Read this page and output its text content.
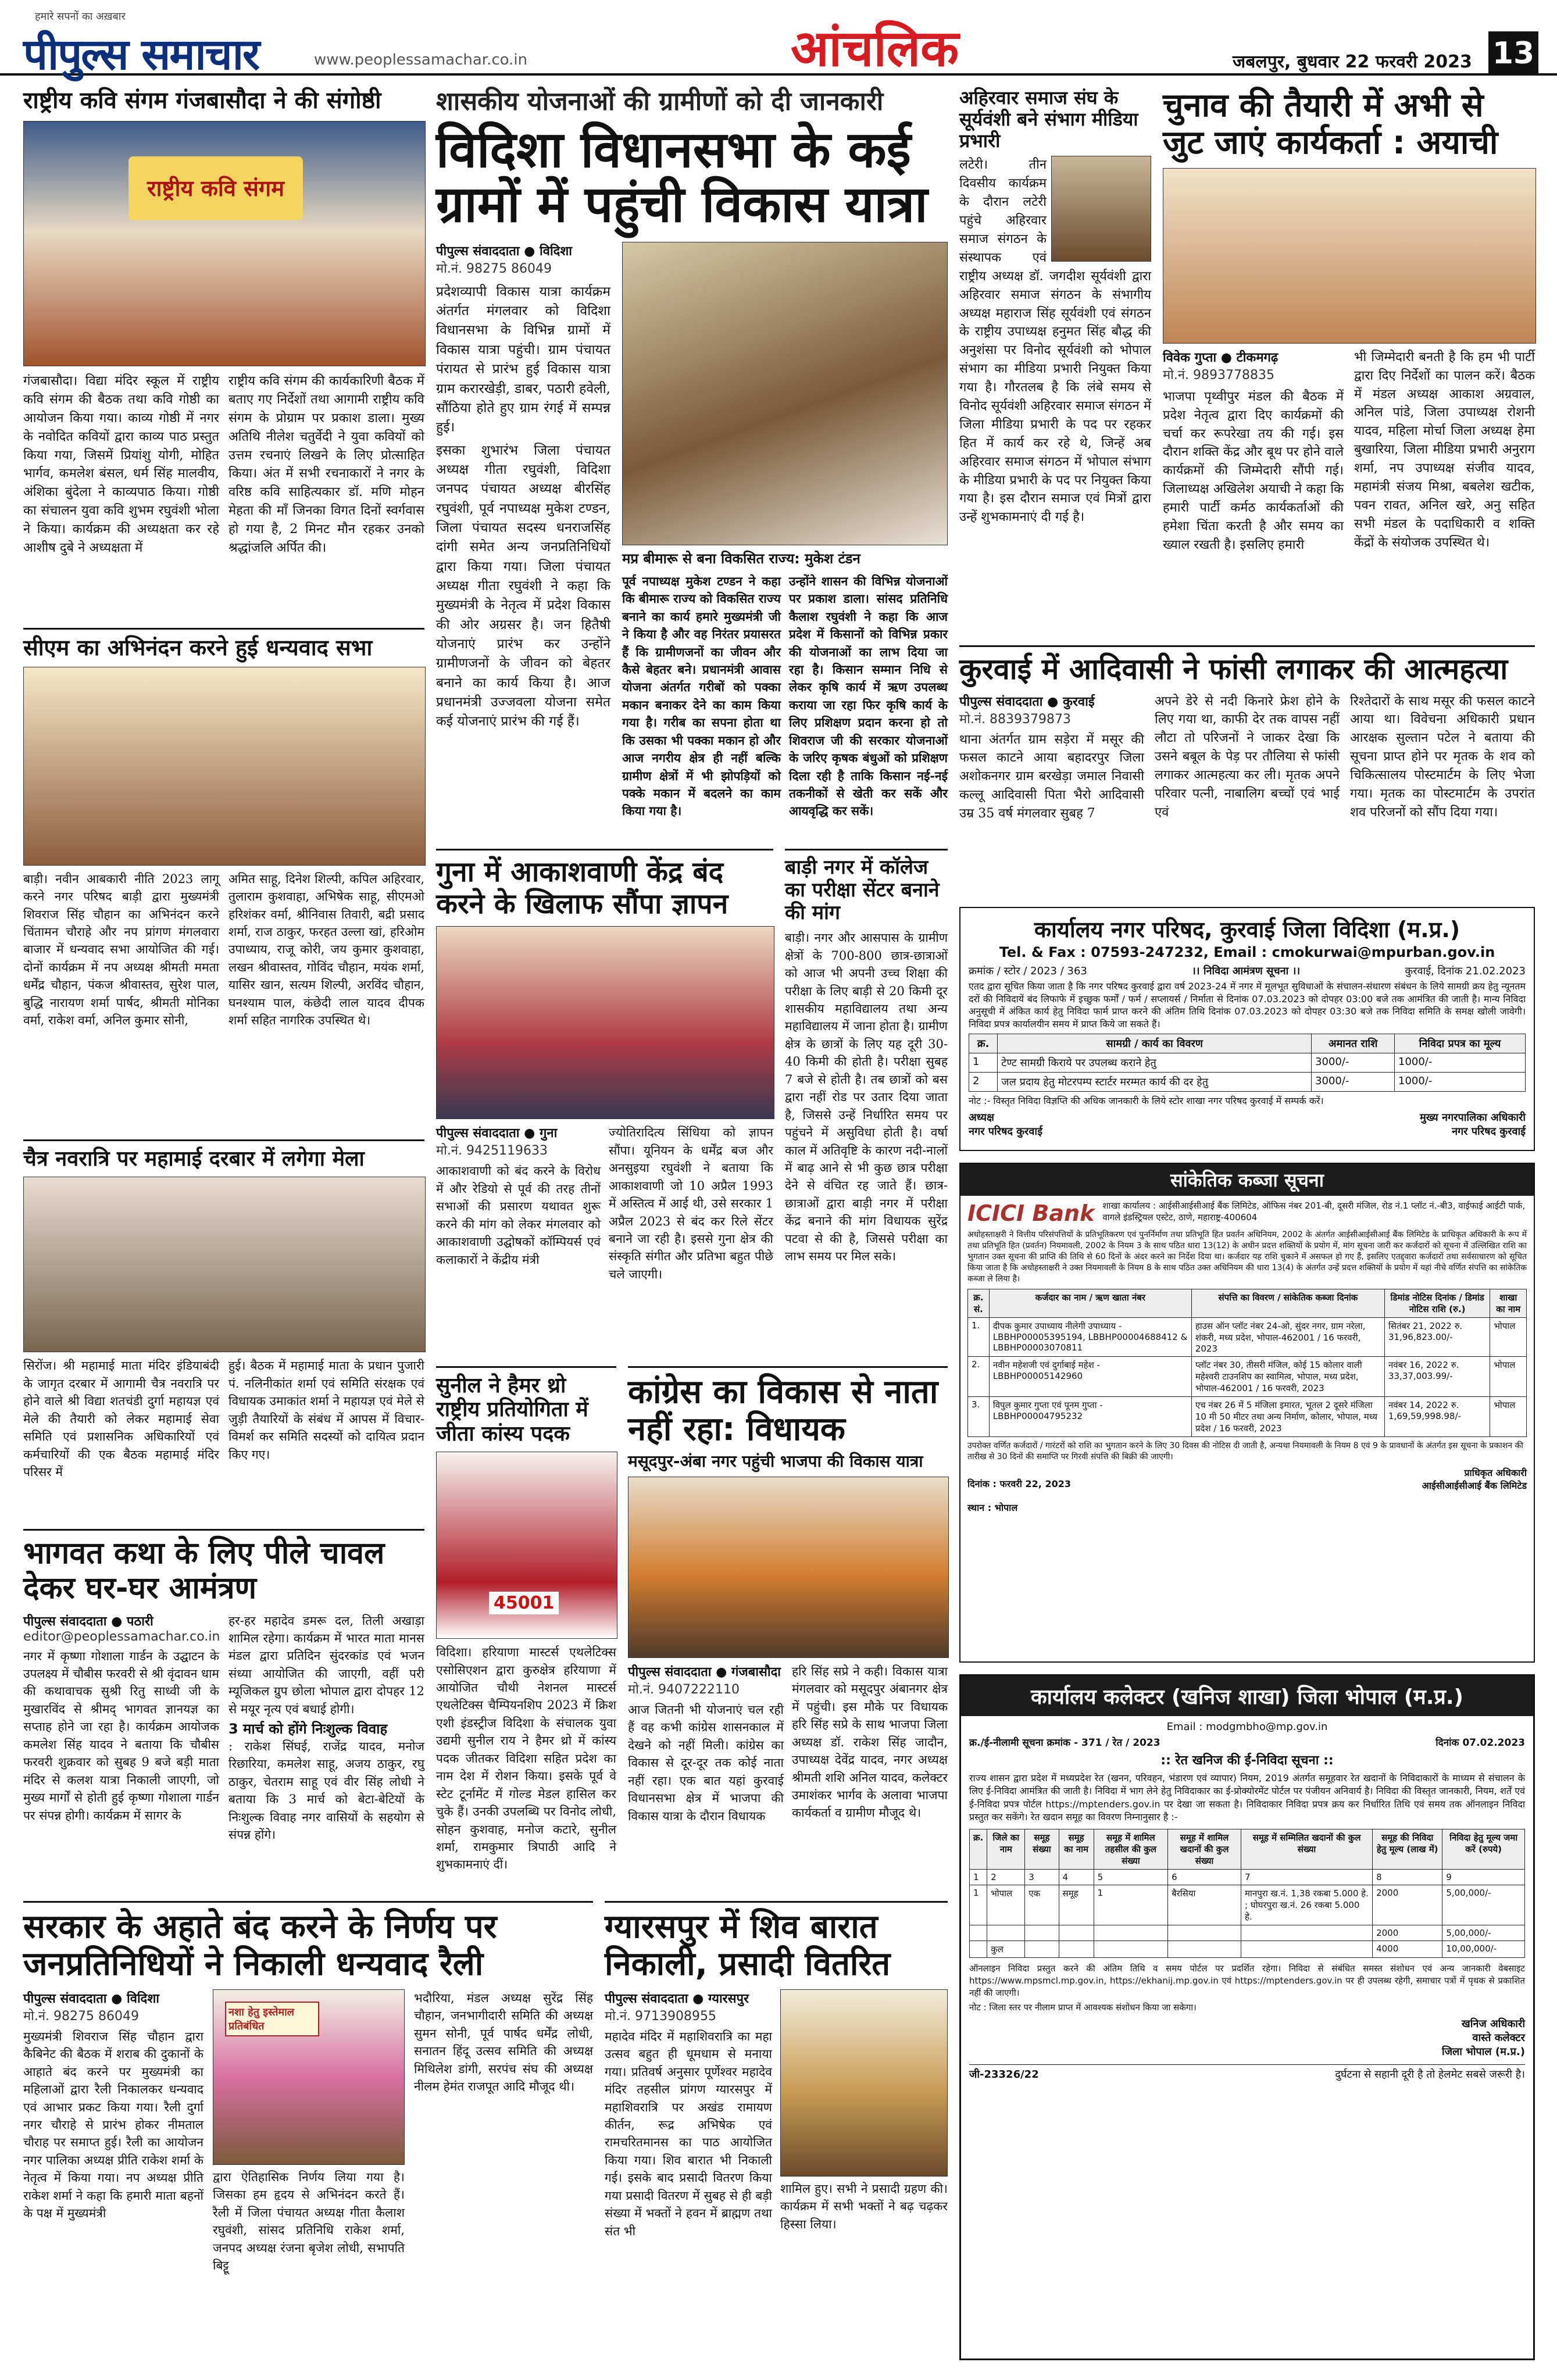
हमारे सपनों का अख़बार
पीपुल्स समाचार	www.peoplessamachar.co.in	आंचलिक	जबलपुर, बुधवार 22 फरवरी 2023 13
राष्ट्रीय कवि संगम गंजबासौदा ने की संगोष्ठी
राष्ट्रीय कवि संगम
गंजबासौदा। विद्या मंदिर स्कूल में राष्ट्रीय कवि संगम की बैठक तथा कवि गोष्ठी का आयोजन किया गया। काव्य गोष्ठी में नगर के नवोदित कवियों द्वारा काव्य पाठ प्रस्तुत किया गया, जिसमें प्रियांशु योगी, मोहित भार्गव, कमलेश बंसल, धर्म सिंह मालवीय, अंशिका बुंदेला ने काव्यपाठ किया। गोष्ठी का संचालन युवा कवि शुभम रघुवंशी भोला ने किया। कार्यक्रम की अध्यक्षता कर रहे आशीष दुबे ने अध्यक्षता में
राष्ट्रीय कवि संगम की कार्यकारिणी बैठक में बताए गए निर्देशों तथा आगामी राष्ट्रीय कवि संगम के प्रोग्राम पर प्रकाश डाला। मुख्य अतिथि नीलेश चतुर्वेदी ने युवा कवियों को उत्तम रचनाएं लिखने के लिए प्रोत्साहित किया। अंत में सभी रचनाकारों ने नगर के वरिष्ठ कवि साहित्यकार डॉ. मणि मोहन मेहता की माँ जिनका विगत दिनों स्वर्गवास हो गया है, 2 मिनट मौन रहकर उनको श्रद्धांजलि अर्पित की।
शासकीय योजनाओं की ग्रामीणों को दी जानकारी
विदिशा विधानसभा के कई ग्रामों में पहुंची विकास यात्रा
पीपुल्स संवाददाता ● विदिशा
मो.नं. 98275 86049
प्रदेशव्यापी विकास यात्रा कार्यक्रम अंतर्गत मंगलवार को विदिशा विधानसभा के विभिन्न ग्रामों में विकास यात्रा पहुंची। ग्राम पंचायत पंरायत से प्रारंभ हुई विकास यात्रा ग्राम करारखेड़ी, डाबर, पठारी हवेली, सौंठिया होते हुए ग्राम रंगई में सम्पन्न हुई।
इसका शुभारंभ जिला पंचायत अध्यक्ष गीता रघुवंशी, विदिशा जनपद पंचायत अध्यक्ष बीरसिंह रघुवंशी, पूर्व नपाध्यक्ष मुकेश टण्डन, जिला पंचायत सदस्य धनराजसिंह दांगी समेत अन्य जनप्रतिनिधियों द्वारा किया गया। जिला पंचायत अध्यक्ष गीता रघुवंशी ने कहा कि मुख्यमंत्री के नेतृत्व में प्रदेश विकास की ओर अग्रसर है। जन हितैषी योजनाएं प्रारंभ कर उन्होंने ग्रामीणजनों के जीवन को बेहतर बनाने का कार्य किया है। आज प्रधानमंत्री उज्जवला योजना समेत कई योजनाएं प्रारंभ की गई हैं।
मप्र बीमारू से बना विकसित राज्य: मुकेश टंडन
पूर्व नपाध्यक्ष मुकेश टण्डन ने कहा कि बीमारू राज्य को विकसित राज्य बनाने का कार्य हमारे मुख्यमंत्री जी ने किया है और वह निरंतर प्रयासरत हैं कि ग्रामीणजनों का जीवन और कैसे बेहतर बने। प्रधानमंत्री आवास योजना अंतर्गत गरीबों को पक्का मकान बनाकर देने का काम किया गया है। गरीब का सपना होता था कि उसका भी पक्का मकान हो और आज नगरीय क्षेत्र ही नहीं बल्कि ग्रामीण क्षेत्रों में भी झोपड़ियों को पक्के मकान में बदलने का काम किया गया है।
उन्होंने शासन की विभिन्न योजनाओं पर प्रकाश डाला। सांसद प्रतिनिधि कैलाश रघुवंशी ने कहा कि आज प्रदेश में किसानों को विभिन्न प्रकार की योजनाओं का लाभ दिया जा रहा है। किसान सम्मान निधि से लेकर कृषि कार्य में ऋण उपलब्ध कराया जा रहा फिर कृषि कार्य के लिए प्रशिक्षण प्रदान करना हो तो शिवराज जी की सरकार योजनाओं के जरिए कृषक बंधुओं को प्रशिक्षण दिला रही है ताकि किसान नई-नई तकनीकों से खेती कर सकें और आयवृद्धि कर सकें।
अहिरवार समाज संघ के सूर्यवंशी बने संभाग मीडिया प्रभारी
लटेरी। तीन दिवसीय कार्यक्रम के दौरान लटेरी पहुंचे अहिरवार समाज संगठन के संस्थापक एवं राष्ट्रीय अध्यक्ष डॉ. जगदीश सूर्यवंशी द्वारा अहिरवार समाज संगठन के संभागीय अध्यक्ष महाराज सिंह सूर्यवंशी एवं संगठन के राष्ट्रीय उपाध्यक्ष हनुमत सिंह बौद्ध की अनुशंसा पर विनोद सूर्यवंशी को भोपाल संभाग का मीडिया प्रभारी नियुक्त किया गया है। गौरतलब है कि लंबे समय से विनोद सूर्यवंशी अहिरवार समाज संगठन में जिला मीडिया प्रभारी के पद पर रहकर हित में कार्य कर रहे थे, जिन्हें अब अहिरवार समाज संगठन में भोपाल संभाग के मीडिया प्रभारी के पद पर नियुक्त किया गया है। इस दौरान समाज एवं मित्रों द्वारा उन्हें शुभकामनाएं दी गई है।
चुनाव की तैयारी में अभी से जुट जाएं कार्यकर्ता : अयाची
विवेक गुप्ता ● टीकमगढ़
मो.नं. 9893778835
भाजपा पृथ्वीपुर मंडल की बैठक में प्रदेश नेतृत्व द्वारा दिए कार्यक्रमों की चर्चा कर रूपरेखा तय की गई। इस दौरान शक्ति केंद्र और बूथ पर होने वाले कार्यक्रमों की जिम्मेदारी सौंपी गई। जिलाध्यक्ष अखिलेश अयाची ने कहा कि हमारी पार्टी कर्मठ कार्यकर्ताओं की हमेशा चिंता करती है और समय का ख्याल रखती है। इसलिए हमारी
भी जिम्मेदारी बनती है कि हम भी पार्टी द्वारा दिए निर्देशों का पालन करें। बैठक में मंडल अध्यक्ष आकाश अग्रवाल, अनिल पांडे, जिला उपाध्यक्ष रोशनी यादव, महिला मोर्चा जिला अध्यक्ष हेमा बुखारिया, जिला मीडिया प्रभारी अनुराग शर्मा, नप उपाध्यक्ष संजीव यादव, महामंत्री संजय मिश्रा, बबलेश खटीक, पवन रावत, अनिल खरे, अनु सहित सभी मंडल के पदाधिकारी व शक्ति केंद्रों के संयोजक उपस्थित थे।
सीएम का अभिनंदन करने हुई धन्यवाद सभा
बाड़ी। नवीन आबकारी नीति 2023 लागू करने नगर परिषद बाड़ी द्वारा मुख्यमंत्री शिवराज सिंह चौहान का अभिनंदन करने चिंतामन चौराहे और नप प्रांगण मंगलवारा बाजार में धन्यवाद सभा आयोजित की गई। दोनों कार्यक्रम में नप अध्यक्ष श्रीमती ममता धर्मेंद्र चौहान, पंकज श्रीवास्तव, सुरेश पाल, बुद्धि नारायण शर्मा पार्षद, श्रीमती मोनिका वर्मा, राकेश वर्मा, अनिल कुमार सोनी,
अमित साहू, दिनेश शिल्पी, कपिल अहिरवार, तुलाराम कुशवाहा, अभिषेक साहू, सीएमओ हरिशंकर वर्मा, श्रीनिवास तिवारी, बद्री प्रसाद शर्मा, राज ठाकुर, फरहत उल्ला खां, हरिओम उपाध्याय, राजू कोरी, जय कुमार कुशवाहा, लखन श्रीवास्तव, गोविंद चौहान, मयंक शर्मा, यासिर खान, सत्यम शिल्पी, अरविंद चौहान, घनश्याम पाल, कंछेदी लाल यादव दीपक शर्मा सहित नागरिक उपस्थित थे।
कुरवाई में आदिवासी ने फांसी लगाकर की आत्महत्या
पीपुल्स संवाददाता ● कुरवाई
मो.नं. 8839379873
थाना अंतर्गत ग्राम सड़ेरा में मसूर की फसल काटने आया बहादरपुर जिला अशोकनगर ग्राम बरखेड़ा जमाल निवासी कल्लू आदिवासी पिता भैरो आदिवासी उम्र 35 वर्ष मंगलवार सुबह 7
अपने डेरे से नदी किनारे फ्रेश होने के लिए गया था, काफी देर तक वापस नहीं लौटा तो परिजनों ने जाकर देखा कि उसने बबूल के पेड़ पर तौलिया से फांसी लगाकर आत्महत्या कर ली। मृतक अपने परिवार पत्नी, नाबालिग बच्चों एवं भाई एवं
रिश्तेदारों के साथ मसूर की फसल काटने आया था। विवेचना अधिकारी प्रधान आरक्षक सुल्तान पटेल ने बताया की सूचना प्राप्त होने पर मृतक के शव को चिकित्सालय पोस्टमार्टम के लिए भेजा गया। मृतक का पोस्टमार्टम के उपरांत शव परिजनों को सौंप दिया गया।
गुना में आकाशवाणी केंद्र बंद करने के खिलाफ सौंपा ज्ञापन
पीपुल्स संवाददाता ● गुना
मो.नं. 9425119633
आकाशवाणी को बंद करने के विरोध में और रेडियो से पूर्व की तरह तीनों सभाओं की प्रसारण यथावत शुरू करने की मांग को लेकर मंगलवार को आकाशवाणी उद्घोषकों कॉम्पियर्स एवं कलाकारों ने केंद्रीय मंत्री
ज्योतिरादित्य सिंधिया को ज्ञापन सौंपा। यूनियन के धर्मेंद्र बज और अनसुइया रघुवंशी ने बताया कि आकाशवाणी जो 10 अप्रैल 1993 में अस्तित्व में आई थी, उसे सरकार 1 अप्रैल 2023 से बंद कर रिले सेंटर बनाने जा रही है। इससे गुना क्षेत्र की संस्कृति संगीत और प्रतिभा बहुत पीछे चले जाएगी।
बाड़ी नगर में कॉलेज का परीक्षा सेंटर बनाने की मांग
बाड़ी। नगर और आसपास के ग्रामीण क्षेत्रों के 700-800 छात्र-छात्राओं को आज भी अपनी उच्च शिक्षा की परीक्षा के लिए बाड़ी से 20 किमी दूर शासकीय महाविद्यालय तथा अन्य महाविद्यालय में जाना होता है। ग्रामीण क्षेत्र के छात्रों के लिए यह दूरी 30-40 किमी की होती है। परीक्षा सुबह 7 बजे से होती है। तब छात्रों को बस द्वारा नहीं रोड पर उतार दिया जाता है, जिससे उन्हें निर्धारित समय पर पहुंचने में असुविधा होती है। वर्षा काल में अतिवृष्टि के कारण नदी-नालों में बाढ़ आने से भी कुछ छात्र परीक्षा देने से वंचित रह जाते हैं। छात्र-छात्राओं द्वारा बाड़ी नगर में परीक्षा केंद्र बनाने की मांग विधायक सुरेंद्र पटवा से की है, जिससे परीक्षा का लाभ समय पर मिल सके।
कार्यालय नगर परिषद, कुरवाई जिला विदिशा (म.प्र.)
Tel. & Fax : 07593-247232, Email : cmokurwai@mpurban.gov.in
क्रमांक / स्टोर / 2023 / 363	।। निविदा आमंत्रण सूचना ।।	कुरवाई, दिनांक 21.02.2023
एतद द्वारा सूचित किया जाता है कि नगर परिषद कुरवाई द्वारा वर्ष 2023-24 में नगर में मूलभूत सुविधाओं के संचालन-संधारण संबंधन के लिये सामग्री क्रय हेतु न्यूनतम दरों की निविदायें बंद लिफाफे में इच्छुक फर्मों / फर्म / सप्लायर्स / निर्माता से दिनांक 07.03.2023 को दोपहर 03:00 बजे तक आमंत्रित की जाती है। मान्य निविदा अनुसूची में अंकित कार्य हेतु निविदा फार्म प्राप्त करने की अंतिम तिथि दिनांक 07.03.2023 को दोपहर 03:30 बजे तक निविदा समिति के समक्ष खोली जावेगी। निविदा प्रपत्र कार्यालयीन समय में प्राप्त किये जा सकते हैं।
क्र.	सामग्री / कार्य का विवरण	अमानत राशि	निविदा प्रपत्र का मूल्य
1	टेण्ट सामग्री किराये पर उपलब्ध कराने हेतु	3000/-	1000/-
2	जल प्रदाय हेतु मोटरपम्प स्टार्टर मरम्मत कार्य की दर हेतु	3000/-	1000/-
नोट :- विस्तृत निविदा विज्ञप्ति की अधिक जानकारी के लिये स्टोर शाखा नगर परिषद कुरवाई में सम्पर्क करें।
अध्यक्ष
नगर परिषद कुरवाई
मुख्य नगरपालिका अधिकारी
नगर परिषद कुरवाई
चैत्र नवरात्रि पर महामाई दरबार में लगेगा मेला
सिरोंज। श्री महामाई माता मंदिर इंडियाबंदी के जागृत दरबार में आगामी चैत्र नवरात्रि पर होने वाले श्री विद्या शतचंडी दुर्गा महायज्ञ एवं मेले की तैयारी को लेकर महामाई सेवा समिति एवं प्रशासनिक अधिकारियों एवं कर्मचारियों की एक बैठक महामाई मंदिर परिसर में
हुई। बैठक में महामाई माता के प्रधान पुजारी पं. नलिनीकांत शर्मा एवं समिति संरक्षक एवं विधायक उमाकांत शर्मा ने महायज्ञ एवं मेले से जुड़ी तैयारियों के संबंध में आपस में विचार-विमर्श कर समिति सदस्यों को दायित्व प्रदान किए गए।
सांकेतिक कब्जा सूचना
ICICI Bank शाखा कार्यालय : आईसीआईसीआई बैंक लिमिटेड, ऑफिस नंबर 201-बी, दूसरी मंजिल, रोड नं.1 प्लॉट नं.-बी3, वाईफाई आईटी पार्क, वागले इंडस्ट्रियल एस्टेट, ठाणे, महाराष्ट्र-400604
अधोहस्ताक्षरी ने वित्तीय परिसंपत्तियों के प्रतिभूतिकरण एवं पुनर्निर्माण तथा प्रतिभूति हित प्रवर्तन अधिनियम, 2002 के अंतर्गत आईसीआईसीआई बैंक लिमिटेड के प्राधिकृत अधिकारी के रूप में तथा प्रतिभूति हित (प्रवर्तन) नियमावली, 2002 के नियम 3 के साथ पठित धारा 13(12) के अधीन प्रदत्त शक्तियों के प्रयोग में, मांग सूचना जारी कर कर्जदारों को सूचना में उल्लिखित राशि का भुगतान उक्त सूचना की प्राप्ति की तिथि से 60 दिनों के अंदर करने का निर्देश दिया था। कर्जदार यह राशि चुकाने में असफल हो गए हैं, इसलिए एतद्द्वारा कर्जदारों तथा सर्वसाधारण को सूचित किया जाता है कि अधोहस्ताक्षरी ने उक्त नियमावली के नियम 8 के साथ पठित उक्त अधिनियम की धारा 13(4) के अंतर्गत उन्हें प्रदत्त शक्तियों के प्रयोग में यहां नीचे वर्णित संपत्ति का सांकेतिक कब्जा ले लिया है।
क्र. सं.	कर्जदार का नाम / ऋण खाता नंबर	संपत्ति का विवरण / सांकेतिक कब्जा दिनांक	डिमांड नोटिस दिनांक / डिमांड नोटिस राशि (रु.)	शाखा का नाम
1.	दीपक कुमार उपाध्याय नीलेगी उपाध्याय - LBBHP00005395194, LBBHP00004688412 & LBBHP00003070811	हाउस ऑन प्लॉट नंबर 24-ओ, सुंदर नगर, ग्राम नरेला, शंकरी, मध्य प्रदेश, भोपाल-462001 / 16 फरवरी, 2023	सितंबर 21, 2022 रु. 31,96,823.00/-	भोपाल
2.	नवीन महेशजी एवं दुर्गाबाई महेश - LBBHP00005142960	प्लॉट नंबर 30, तीसरी मंजिल, कोई 15 कोलार वाली महेश्वरी टाउनशिप का स्वामित्व, भोपाल, मध्य प्रदेश, भोपाल-462001 / 16 फरवरी, 2023	नवंबर 16, 2022 रु. 33,37,003.99/-	भोपाल
3.	विपुल कुमार गुप्ता एवं पूनम गुप्ता - LBBHP00004795232	एच नंबर 26 में 5 मंजिला इमारत, भूतल 2 दूसरे मंजिला 10 मी 50 मीटर तथा अन्य निर्माण, कोलार, भोपाल, मध्य प्रदेश / 16 फरवरी, 2023	नवंबर 14, 2022 रु. 1,69,59,998.98/-	भोपाल
उपरोक्त वर्णित कर्जदारों / गारंटरों को राशि का भुगतान करने के लिए 30 दिवस की नोटिस दी जाती है, अन्यथा नियमावली के नियम 8 एवं 9 के प्रावधानों के अंतर्गत इस सूचना के प्रकाशन की तारीख से 30 दिनों की समाप्ति पर गिरवी संपत्ति की बिक्री की जाएगी।

दिनांक : फरवरी 22, 2023

स्थान : भोपाल

प्राधिकृत अधिकारी
आईसीआईसीआई बैंक लिमिटेड
सुनील ने हैमर थ्रो राष्ट्रीय प्रतियोगिता में जीता कांस्य पदक
45001
विदिशा। हरियाणा मास्टर्स एथलेटिक्स एसोसिएशन द्वारा कुरुक्षेत्र हरियाणा में आयोजित चौथी नेशनल मास्टर्स एथलेटिक्स चैम्पियनशिप 2023 में क्रिश एशी इंडस्ट्रीज विदिशा के संचालक युवा उद्यमी सुनील राय ने हैमर थ्रो में कांस्य पदक जीतकर विदिशा सहित प्रदेश का नाम देश में रोशन किया। इसके पूर्व वे स्टेट टूर्नामेंट में गोल्ड मेडल हासिल कर चुके हैं। उनकी उपलब्धि पर विनोद लोधी, सोहन कुशवाह, मनोज कटारे, सुनील शर्मा, रामकुमार त्रिपाठी आदि ने शुभकामनाएं दीं।
कांग्रेस का विकास से नाता नहीं रहा: विधायक
मसूदपुर-अंबा नगर पहुंची भाजपा की विकास यात्रा
पीपुल्स संवाददाता ● गंजबासौदा
मो.नं. 9407222110
आज जितनी भी योजनाएं चल रही हैं वह कभी कांग्रेस शासनकाल में देखने को नहीं मिली। कांग्रेस का विकास से दूर-दूर तक कोई नाता नहीं रहा। एक बात यहां कुरवाई विधानसभा क्षेत्र में भाजपा की विकास यात्रा के दौरान विधायक
हरि सिंह सप्रे ने कही। विकास यात्रा मंगलवार को मसूदपुर अंबानगर क्षेत्र में पहुंची। इस मौके पर विधायक हरि सिंह सप्रे के साथ भाजपा जिला अध्यक्ष डॉ. राकेश सिंह जादौन, उपाध्यक्ष देवेंद्र यादव, नगर अध्यक्ष श्रीमती शशि अनिल यादव, कलेक्टर उमाशंकर भार्गव के अलावा भाजपा कार्यकर्ता व ग्रामीण मौजूद थे।
भागवत कथा के लिए पीले चावल देकर घर-घर आमंत्रण
पीपुल्स संवाददाता ● पठारी
editor@peoplessamachar.co.in
नगर में कृष्णा गोशाला गार्डन के उद्घाटन के उपलक्ष्य में चौबीस फरवरी से श्री वृंदावन धाम की कथावाचक सुश्री रितु साध्वी जी के मुखारविंद से श्रीमद् भागवत ज्ञानयज्ञ का सप्ताह होने जा रहा है। कार्यक्रम आयोजक कमलेश सिंह यादव ने बताया कि चौबीस फरवरी शुक्रवार को सुबह 9 बजे बड़ी माता मंदिर से कलश यात्रा निकाली जाएगी, जो मुख्य मार्गों से होती हुई कृष्णा गोशाला गार्डन पर संपन्न होगी। कार्यक्रम में सागर के
हर-हर महादेव डमरू दल, तिली अखाड़ा शामिल रहेगा। कार्यक्रम में भारत माता मानस मंडल द्वारा प्रतिदिन सुंदरकांड एवं भजन संध्या आयोजित की जाएगी, वहीं परी म्यूजिकल ग्रुप छोला भोपाल द्वारा दोपहर 12 से मयूर नृत्य एवं बधाई होगी।
3 मार्च को होंगे निःशुल्क विवाह
: राकेश सिंघई, राजेंद्र यादव, मनोज रिछारिया, कमलेश साहू, अजय ठाकुर, रघु ठाकुर, चेतराम साहू एवं वीर सिंह लोधी ने बताया कि 3 मार्च को बेटा-बेटियों के निःशुल्क विवाह नगर वासियों के सहयोग से संपन्न होंगे।
सरकार के अहाते बंद करने के निर्णय पर जनप्रतिनिधियों ने निकाली धन्यवाद रैली
पीपुल्स संवाददाता ● विदिशा
मो.नं. 98275 86049
मुख्यमंत्री शिवराज सिंह चौहान द्वारा कैबिनेट की बैठक में शराब की दुकानों के आहाते बंद करने पर मुख्यमंत्री का महिलाओं द्वारा रैली निकालकर धन्यवाद एवं आभार प्रकट किया गया। रैली दुर्गा नगर चौराहे से प्रारंभ होकर नीमताल चौराह पर समाप्त हुई। रैली का आयोजन नगर पालिका अध्यक्ष प्रीति राकेश शर्मा के नेतृत्व में किया गया। नप अध्यक्ष प्रीति राकेश शर्मा ने कहा कि हमारी माता बहनों के पक्ष में मुख्यमंत्री
नशा हेतु इस्तेमाल प्रतिबंधित
द्वारा ऐतिहासिक निर्णय लिया गया है। जिसका हम हृदय से अभिनंदन करते हैं। रैली में जिला पंचायत अध्यक्ष गीता कैलाश रघुवंशी, सांसद प्रतिनिधि राकेश शर्मा, जनपद अध्यक्ष रंजना बृजेश लोधी, सभापति बिट्टू
भदौरिया, मंडल अध्यक्ष सुरेंद्र सिंह चौहान, जनभागीदारी समिति की अध्यक्ष सुमन सोनी, पूर्व पार्षद धर्मेंद्र लोधी, सनातन हिंदू उत्सव समिति की अध्यक्ष मिथिलेश डांगी, सरपंच संघ की अध्यक्ष नीलम हेमंत राजपूत आदि मौजूद थी।
ग्यारसपुर में शिव बारात निकाली, प्रसादी वितरित
पीपुल्स संवाददाता ● ग्यारसपुर
मो.नं. 9713908955
महादेव मंदिर में महाशिवरात्रि का महा उत्सव बहुत ही धूमधाम से मनाया गया। प्रतिवर्ष अनुसार पूर्णेश्वर महादेव मंदिर तहसील प्रांगण ग्यारसपुर में महाशिवरात्रि पर अखंड रामायण कीर्तन, रूद्र अभिषेक एवं रामचरितमानस का पाठ आयोजित किया गया। शिव बारात भी निकाली गई। इसके बाद प्रसादी वितरण किया गया प्रसादी वितरण में सुबह से ही बड़ी संख्या में भक्तों ने हवन में ब्राह्मण तथा संत भी
शामिल हुए। सभी ने प्रसादी ग्रहण की। कार्यक्रम में सभी भक्तों ने बढ़ चढ़कर हिस्सा लिया।
कार्यालय कलेक्टर (खनिज शाखा) जिला भोपाल (म.प्र.)
Email : modgmbho@mp.gov.in
क्र./ई-नीलामी सूचना क्रमांक - 371 / रेत / 2023	दिनांक 07.02.2023
:: रेत खनिज की ई-निविदा सूचना ::
राज्य शासन द्वारा प्रदेश में मध्यप्रदेश रेत (खनन, परिवहन, भंडारण एवं व्यापार) नियम, 2019 अंतर्गत समूहवार रेत खदानों के निविदाकारों के माध्यम से संचालन के लिए ई-निविदा आमंत्रित की जाती है। निविदा में भाग लेने हेतु निविदाकार का ई-प्रोक्योरमेंट पोर्टल पर पंजीयन अनिवार्य है। निविदा की विस्तृत जानकारी, नियम, शर्तें एवं ई-निविदा प्रपत्र पोर्टल https://mptenders.gov.in पर देखा जा सकता है। निविदाकार निविदा प्रपत्र क्रय कर निर्धारित तिथि एवं समय तक ऑनलाइन निविदा प्रस्तुत कर सकेंगे। रेत खदान समूह का विवरण निम्नानुसार है :-
क्र.	जिले का नाम	समूह संख्या	समूह का नाम	समूह में शामिल तहसील की कुल संख्या	समूह में शामिल खदानों की कुल संख्या	समूह में सम्मिलित खदानों की कुल संख्या	समूह की निविदा हेतु मूल्य (लाख में)	निविदा हेतु मूल्य जमा करें (रुपये)
1	2	3	4	5	6	7	8	9
1	भोपाल	एक	समूह	1	बैरसिया	मानपुरा ख.नं. 1,38 रकबा 5.000 हे. ; घोघरपुरा ख.नं. 26 रकबा 5.000 हे.	2000	5,00,000/-
							2000	5,00,000/-
	कुल						4000	10,00,000/-
ऑनलाइन निविदा प्रस्तुत करने की अंतिम तिथि व समय पोर्टल पर प्रदर्शित रहेगा। निविदा से संबंधित समस्त संशोधन एवं अन्य जानकारी वेबसाइट https://www.mpsmcl.mp.gov.in, https://ekhanij.mp.gov.in एवं https://mptenders.gov.in पर ही उपलब्ध रहेगी, समाचार पत्रों में पृथक से प्रकाशित नहीं की जाएगी।
नोट : जिला स्तर पर नीलाम प्राप्त में आवश्यक संशोधन किया जा सकेगा।
खनिज अधिकारी
वास्ते कलेक्टर
जिला भोपाल (म.प्र.)
जी-23326/22	दुर्घटना से सहानी दूरी है तो हेलमेट सबसे जरूरी है।
